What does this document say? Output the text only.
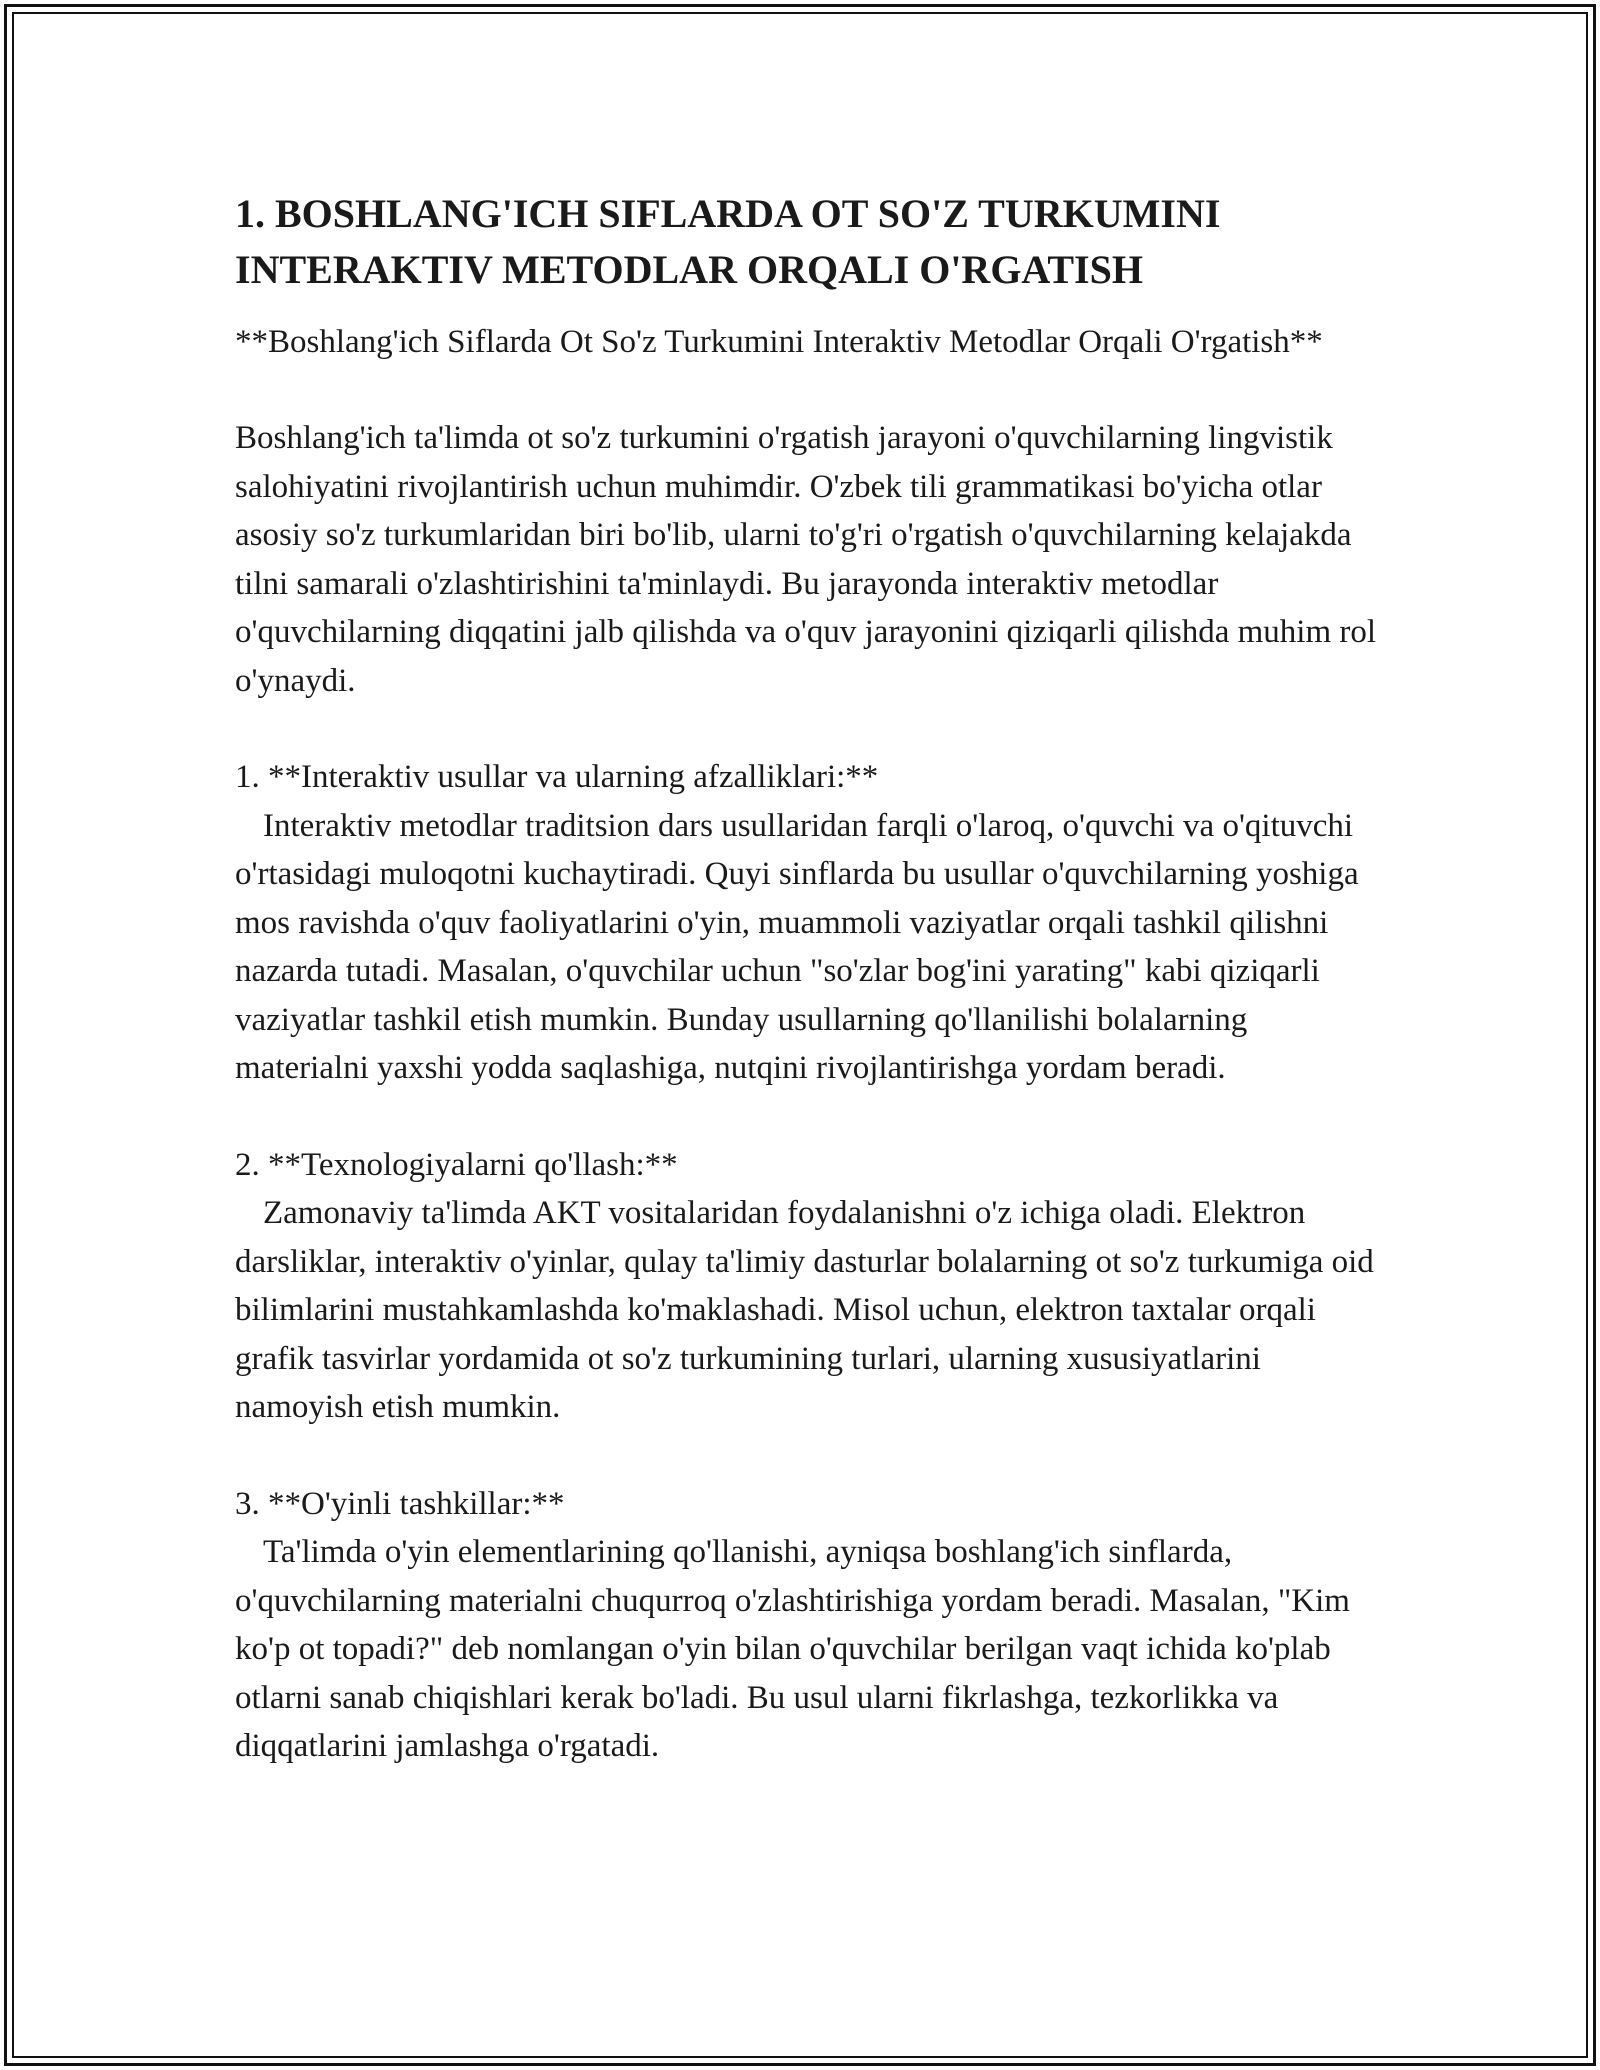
1. BOSHLANG'ICH SIFLARDA OT SO'Z TURKUMINI INTERAKTIV METODLAR ORQALI O'RGATISH

**Boshlang'ich Siflarda Ot So'z Turkumini Interaktiv Metodlar Orqali O'rgatish**

Boshlang'ich ta'limda ot so'z turkumini o'rgatish jarayoni o'quvchilarning lingvistik salohiyatini rivojlantirish uchun muhimdir. O'zbek tili grammatikasi bo'yicha otlar asosiy so'z turkumlaridan biri bo'lib, ularni to'g'ri o'rgatish o'quvchilarning kelajakda tilni samarali o'zlashtirishini ta'minlaydi. Bu jarayonda interaktiv metodlar o'quvchilarning diqqatini jalb qilishda va o'quv jarayonini qiziqarli qilishda muhim rol o'ynaydi.

1. **Interaktiv usullar va ularning afzalliklari:**
Interaktiv metodlar traditsion dars usullaridan farqli o'laroq, o'quvchi va o'qituvchi o'rtasidagi muloqotni kuchaytiradi. Quyi sinflarda bu usullar o'quvchilarning yoshiga mos ravishda o'quv faoliyatlarini o'yin, muammoli vaziyatlar orqali tashkil qilishni nazarda tutadi. Masalan, o'quvchilar uchun "so'zlar bog'ini yarating" kabi qiziqarli vaziyatlar tashkil etish mumkin. Bunday usullarning qo'llanilishi bolalarning materialni yaxshi yodda saqlashiga, nutqini rivojlantirishga yordam beradi.
2. **Texnologiyalarni qo'llash:**
Zamonaviy ta'limda AKT vositalaridan foydalanishni o'z ichiga oladi. Elektron darsliklar, interaktiv o'yinlar, qulay ta'limiy dasturlar bolalarning ot so'z turkumiga oid bilimlarini mustahkamlashda ko'maklashadi. Misol uchun, elektron taxtalar orqali grafik tasvirlar yordamida ot so'z turkumining turlari, ularning xususiyatlarini namoyish etish mumkin.
3. **O'yinli tashkillar:**
Ta'limda o'yin elementlarining qo'llanishi, ayniqsa boshlang'ich sinflarda, o'quvchilarning materialni chuqurroq o'zlashtirishiga yordam beradi. Masalan, "Kim ko'p ot topadi?" deb nomlangan o'yin bilan o'quvchilar berilgan vaqt ichida ko'plab otlarni sanab chiqishlari kerak bo'ladi. Bu usul ularni fikrlashga, tezkorlikka va diqqatlarini jamlashga o'rgatadi.
